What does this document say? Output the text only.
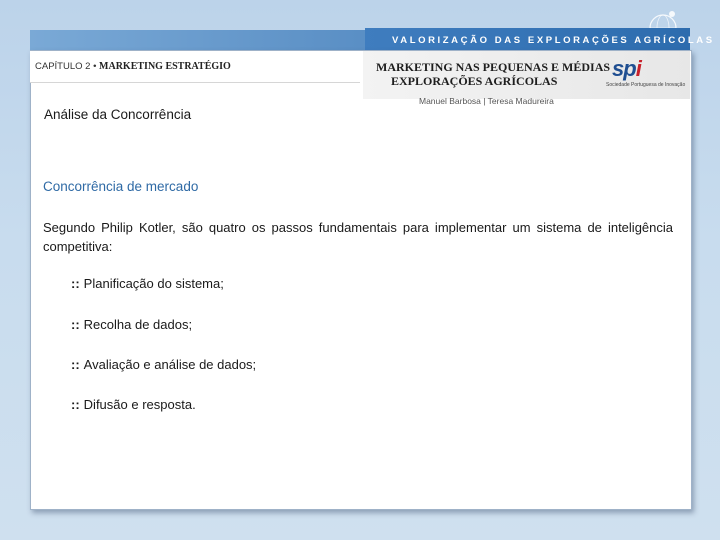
VALORIZAÇÃO DAS EXPLORAÇÕES AGRÍCOLAS
CAPÍTULO 2 • MARKETING ESTRATÉGIO	MARKETING NAS PEQUENAS E MÉDIAS
EXPLORAÇÕES AGRÍCOLAS spi
Sociedade Portuguesa de Inovação
Manuel Barbosa | Teresa Madureira
Análise da Concorrência
Concorrência de mercado
Segundo Philip Kotler, são quatro os passos fundamentais para implementar um sistema de inteligência competitiva:
:: Planificação do sistema;
:: Recolha de dados;
:: Avaliação e análise de dados;
:: Difusão e resposta.
